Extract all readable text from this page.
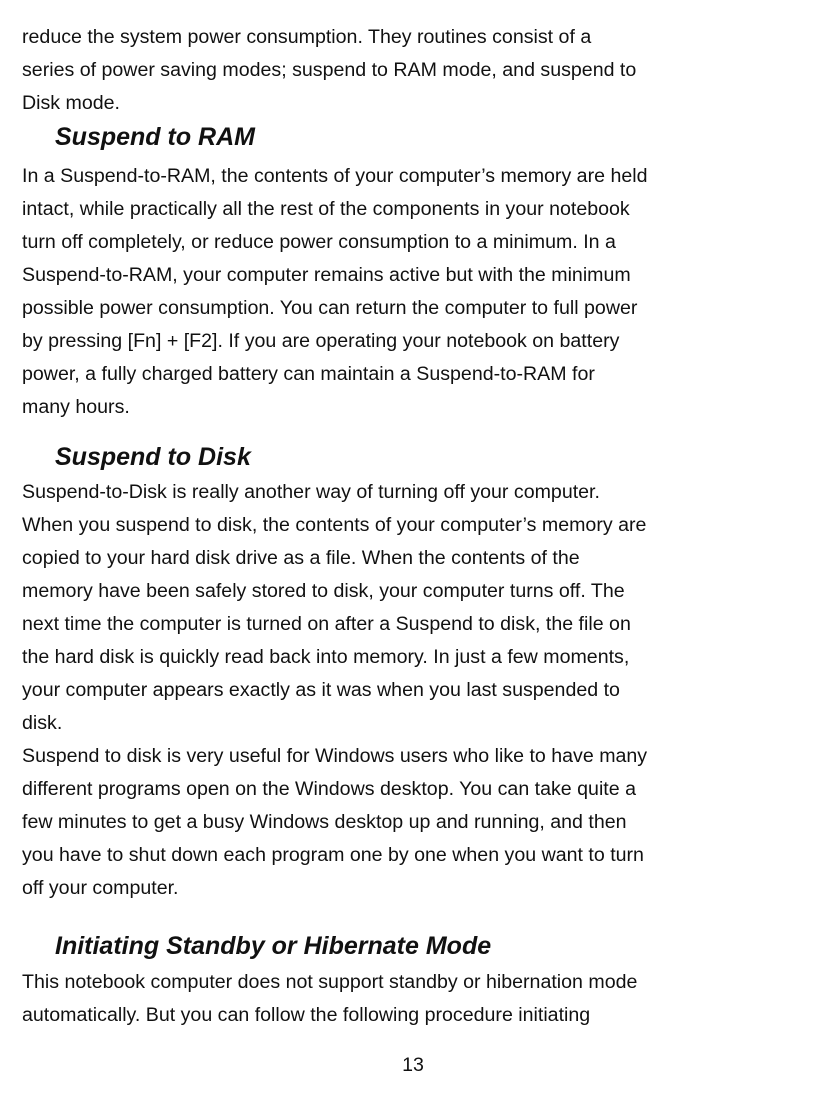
reduce the system power consumption. They routines consist of a
series of power saving modes; suspend to RAM mode, and suspend to
Disk mode.
Suspend to RAM
In a Suspend-to-RAM, the contents of your computer’s memory are held
intact, while practically all the rest of the components in your notebook
turn off completely, or reduce power consumption to a minimum. In a
Suspend-to-RAM, your computer remains active but with the minimum
possible power consumption. You can return the computer to full power
by pressing [Fn] + [F2]. If you are operating your notebook on battery
power, a fully charged battery can maintain a Suspend-to-RAM for
many hours.
Suspend to Disk
Suspend-to-Disk is really another way of turning off your computer.
When you suspend to disk, the contents of your computer’s memory are
copied to your hard disk drive as a file. When the contents of the
memory have been safely stored to disk, your computer turns off. The
next time the computer is turned on after a Suspend to disk, the file on
the hard disk is quickly read back into memory. In just a few moments,
your computer appears exactly as it was when you last suspended to
disk.
Suspend to disk is very useful for Windows users who like to have many
different programs open on the Windows desktop. You can take quite a
few minutes to get a busy Windows desktop up and running, and then
you have to shut down each program one by one when you want to turn
off your computer.
Initiating Standby or Hibernate Mode
This notebook computer does not support standby or hibernation mode
automatically. But you can follow the following procedure initiating
13
